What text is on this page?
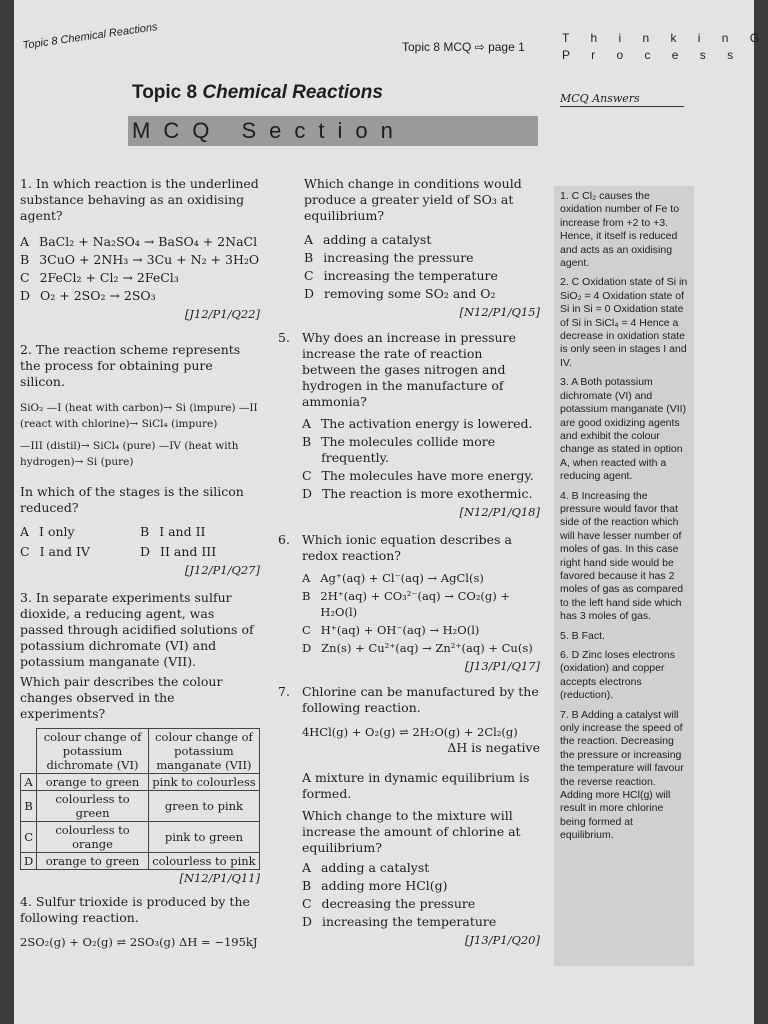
Topic 8 Chemical Reactions	Topic 8 MCQ ⇨ page 1
T h i n k i n G
P r o c e s s
Topic 8 Chemical Reactions	MCQ Answers
MCQ Section

1. In which reaction is the underlined substance behaving as an oxidising agent?

A BaCl₂ + Na₂SO₄ → BaSO₄ + 2NaCl
B 3CuO + 2NH₃ → 3Cu + N₂ + 3H₂O
C 2FeCl₂ + Cl₂ → 2FeCl₃
D O₂ + 2SO₂ → 2SO₃

[J12/P1/Q22]

2. The reaction scheme represents the process for obtaining pure silicon.

SiO₂ —I (heat with carbon)→ Si (impure) —II (react with chlorine)→ SiCl₄ (impure)

—III (distil)→ SiCl₄ (pure) —IV (heat with hydrogen)→ Si (pure)

In which of the stages is the silicon reduced?

A I only	B I and II
C I and IV	D II and III

[J12/P1/Q27]

3. In separate experiments sulfur dioxide, a reducing agent, was passed through acidified solutions of potassium dichromate (VI) and potassium manganate (VII).

Which pair describes the colour changes observed in the experiments?

	colour change of potassium dichromate (VI)	colour change of potassium manganate (VII)
A	orange to green	pink to colourless
B	colourless to green	green to pink
C	colourless to orange	pink to green
D	orange to green	colourless to pink

[N12/P1/Q11]

4. Sulfur trioxide is produced by the following reaction.

2SO₂(g) + O₂(g) ⇌ 2SO₃(g) ΔH = −195kJ

Which change in conditions would produce a greater yield of SO₃ at equilibrium?

A adding a catalyst
B increasing the pressure
C increasing the temperature
D removing some SO₂ and O₂

[N12/P1/Q15]

5. Why does an increase in pressure increase the rate of reaction between the gases nitrogen and hydrogen in the manufacture of ammonia?

A The activation energy is lowered.
B The molecules collide more frequently.
C The molecules have more energy.
D The reaction is more exothermic.

[N12/P1/Q18]

6. Which ionic equation describes a redox reaction?

A Ag⁺(aq) + Cl⁻(aq) → AgCl(s)
B 2H⁺(aq) + CO₃²⁻(aq) → CO₂(g) + H₂O(l)
C H⁺(aq) + OH⁻(aq) → H₂O(l)
D Zn(s) + Cu²⁺(aq) → Zn²⁺(aq) + Cu(s)

[J13/P1/Q17]

7. Chlorine can be manufactured by the following reaction.

4HCl(g) + O₂(g) ⇌ 2H₂O(g) + 2Cl₂(g)

ΔH is negative

A mixture in dynamic equilibrium is formed.

Which change to the mixture will increase the amount of chlorine at equilibrium?

A adding a catalyst
B adding more HCl(g)
C decreasing the pressure
D increasing the temperature

[J13/P1/Q20]

1. C Cl₂ causes the oxidation number of Fe to increase from +2 to +3. Hence, it itself is reduced and acts as an oxidising agent.

2. C Oxidation state of Si in SiO₂ = 4 Oxidation state of Si in Si = 0 Oxidation state of Si in SiCl₄ = 4 Hence a decrease in oxidation state is only seen in stages I and IV.

3. A Both potassium dichromate (VI) and potassium manganate (VII) are good oxidizing agents and exhibit the colour change as stated in option A, when reacted with a reducing agent.

4. B Increasing the pressure would favor that side of the reaction which will have lesser number of moles of gas. In this case right hand side would be favored because it has 2 moles of gas as compared to the left hand side which has 3 moles of gas.

5. B Fact.

6. D Zinc loses electrons (oxidation) and copper accepts electrons (reduction).

7. B Adding a catalyst will only increase the speed of the reaction. Decreasing the pressure or increasing the temperature will favour the reverse reaction. Adding more HCl(g) will result in more chlorine being formed at equilibrium.
